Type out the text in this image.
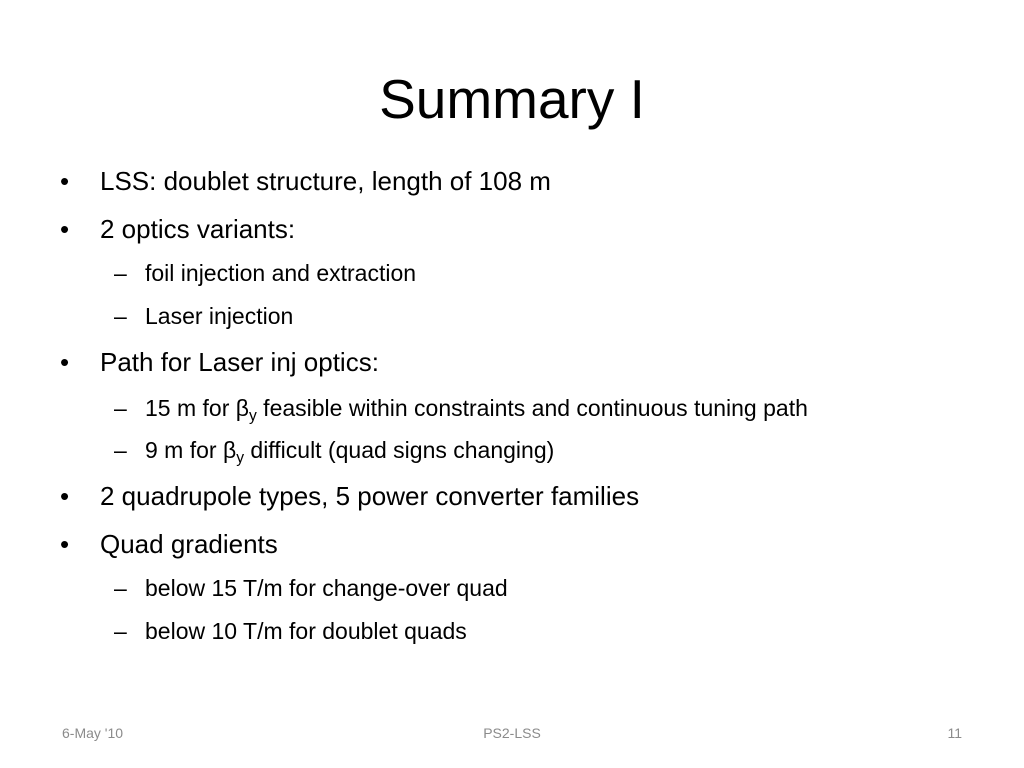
Summary I
• LSS: doublet structure, length of 108 m
• 2 optics variants:
– foil injection and extraction
– Laser injection
• Path for Laser inj optics:
– 15 m for $\beta_y$ feasible within constraints and continuous tuning path
– 9 m for $\beta_y$ difficult (quad signs changing)
• 2 quadrupole types, 5 power converter families
• Quad gradients
– below 15 T/m for change-over quad
– below 10 T/m for doublet quads
6-May '10	PS2-LSS	11
